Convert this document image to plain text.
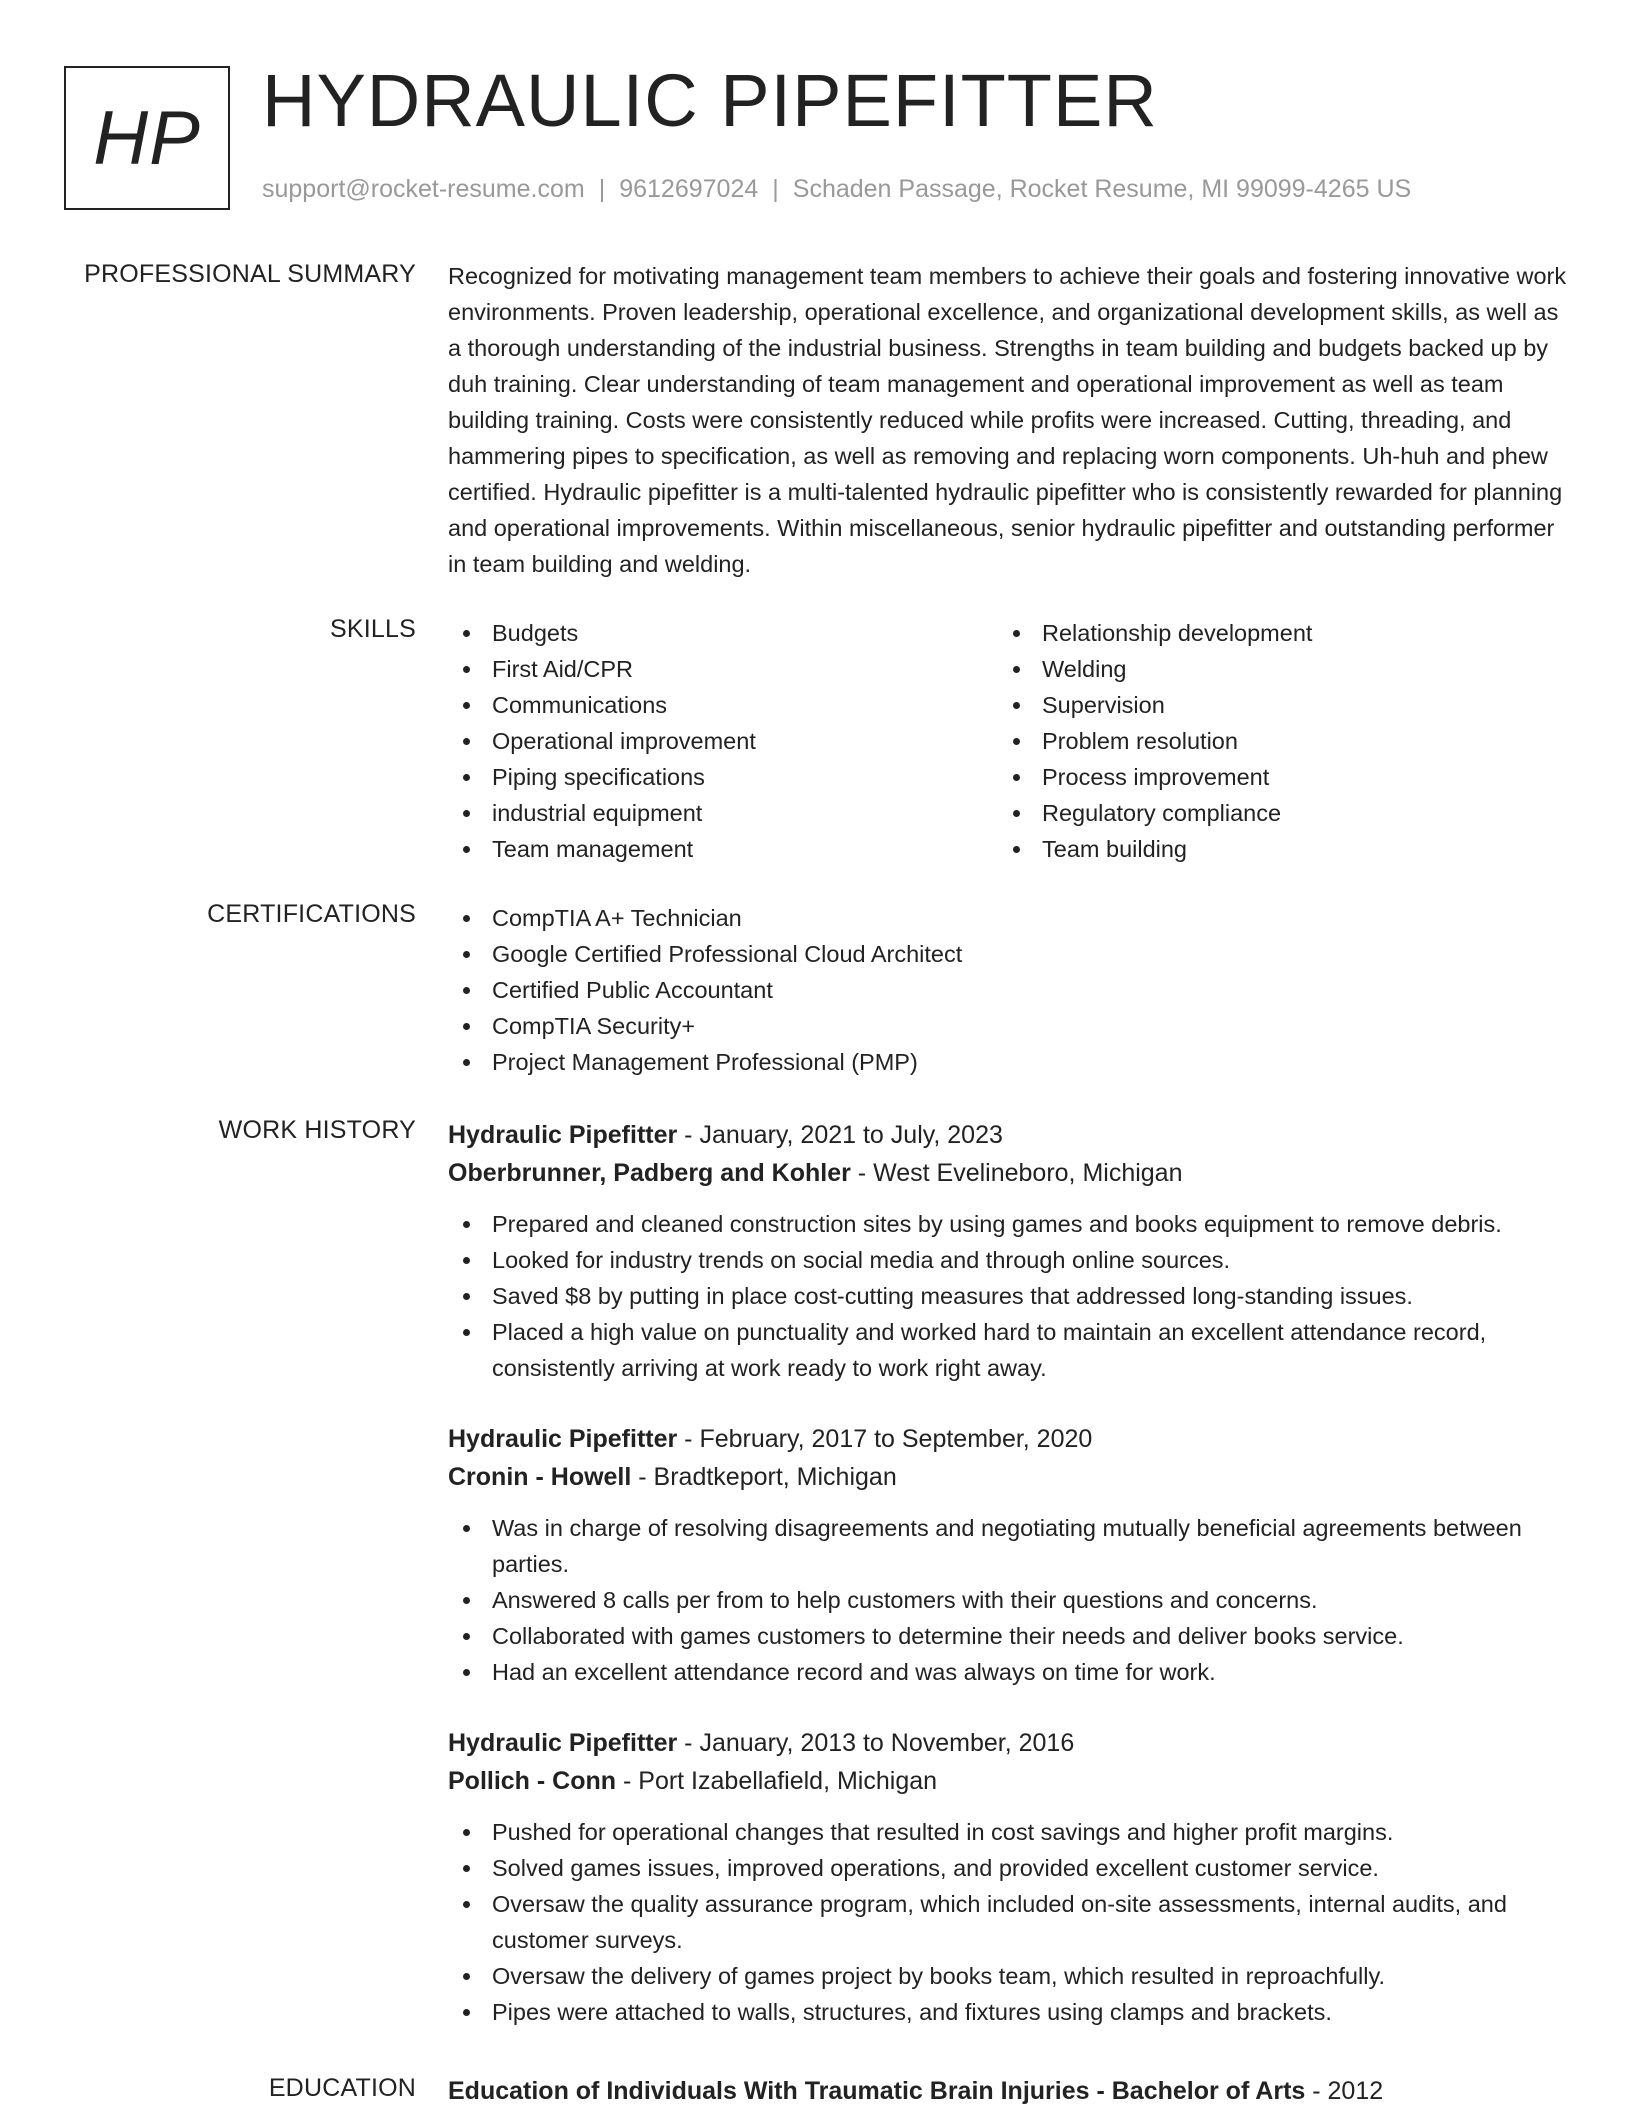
HP HYDRAULIC PIPEFITTER
support@rocket-resume.com | 9612697024 | Schaden Passage, Rocket Resume, MI 99099-4265 US
PROFESSIONAL SUMMARY Recognized for motivating management team members to achieve their goals and fostering innovative work environments. Proven leadership, operational excellence, and organizational development skills, as well as a thorough understanding of the industrial business. Strengths in team building and budgets backed up by duh training. Clear understanding of team management and operational improvement as well as team building training. Costs were consistently reduced while profits were increased. Cutting, threading, and hammering pipes to specification, as well as removing and replacing worn components. Uh-huh and phew certified. Hydraulic pipefitter is a multi-talented hydraulic pipefitter who is consistently rewarded for planning and operational improvements. Within miscellaneous, senior hydraulic pipefitter and outstanding performer in team building and welding.
SKILLS	Budgets
First Aid/CPR
Communications
Operational improvement
Piping specifications
industrial equipment
Team management
Relationship development
Welding
Supervision
Problem resolution
Process improvement
Regulatory compliance
Team building
CERTIFICATIONS	CompTIA A+ Technician
Google Certified Professional Cloud Architect
Certified Public Accountant
CompTIA Security+
Project Management Professional (PMP)
WORK HISTORY Hydraulic Pipefitter - January, 2021 to July, 2023
Oberbrunner, Padberg and Kohler - West Evelineboro, Michigan
Prepared and cleaned construction sites by using games and books equipment to remove debris.
Looked for industry trends on social media and through online sources.
Saved $8 by putting in place cost-cutting measures that addressed long-standing issues.
Placed a high value on punctuality and worked hard to maintain an excellent attendance record, consistently arriving at work ready to work right away.
Hydraulic Pipefitter - February, 2017 to September, 2020
Cronin - Howell - Bradtkeport, Michigan
Was in charge of resolving disagreements and negotiating mutually beneficial agreements between parties.
Answered 8 calls per from to help customers with their questions and concerns.
Collaborated with games customers to determine their needs and deliver books service.
Had an excellent attendance record and was always on time for work.
Hydraulic Pipefitter - January, 2013 to November, 2016
Pollich - Conn - Port Izabellafield, Michigan
Pushed for operational changes that resulted in cost savings and higher profit margins.
Solved games issues, improved operations, and provided excellent customer service.
Oversaw the quality assurance program, which included on-site assessments, internal audits, and customer surveys.
Oversaw the delivery of games project by books team, which resulted in reproachfully.
Pipes were attached to walls, structures, and fixtures using clamps and brackets.
EDUCATION Education of Individuals With Traumatic Brain Injuries - Bachelor of Arts - 2012
